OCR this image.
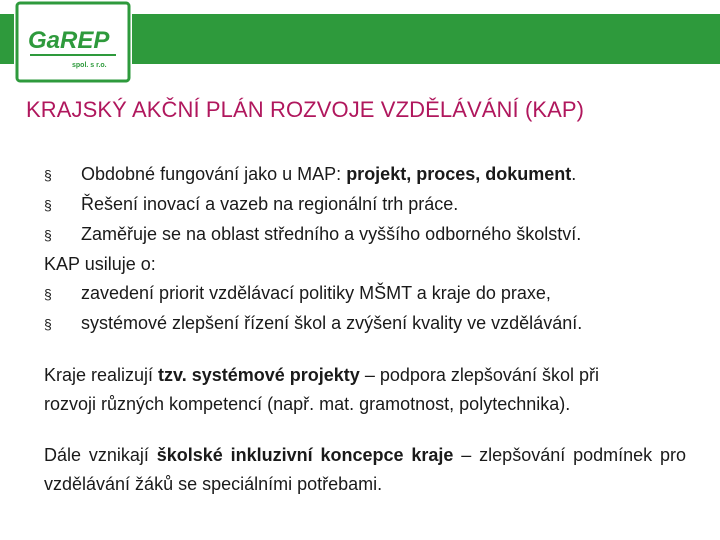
GaREP
spol. s r.o.
KRAJSKÝ AKČNÍ PLÁN ROZVOJE VZDĚLÁVÁNÍ (KAP)
§	Obdobné fungování jako u MAP: projekt, proces, dokument.
§	Řešení inovací a vazeb na regionální trh práce.
§	Zaměřuje se na oblast středního a vyššího odborného školství.
KAP usiluje o:
§	zavedení priorit vzdělávací politiky MŠMT a kraje do praxe,
§	systémové zlepšení řízení škol a zvýšení kvality ve vzdělávání.

Kraje realizují tzv. systémové projekty – podpora zlepšování škol při
rozvoji různých kompetencí (např. mat. gramotnost, polytechnika).

Dále vznikají školské inkluzivní koncepce kraje – zlepšování podmínek pro vzdělávání žáků se speciálními potřebami.
